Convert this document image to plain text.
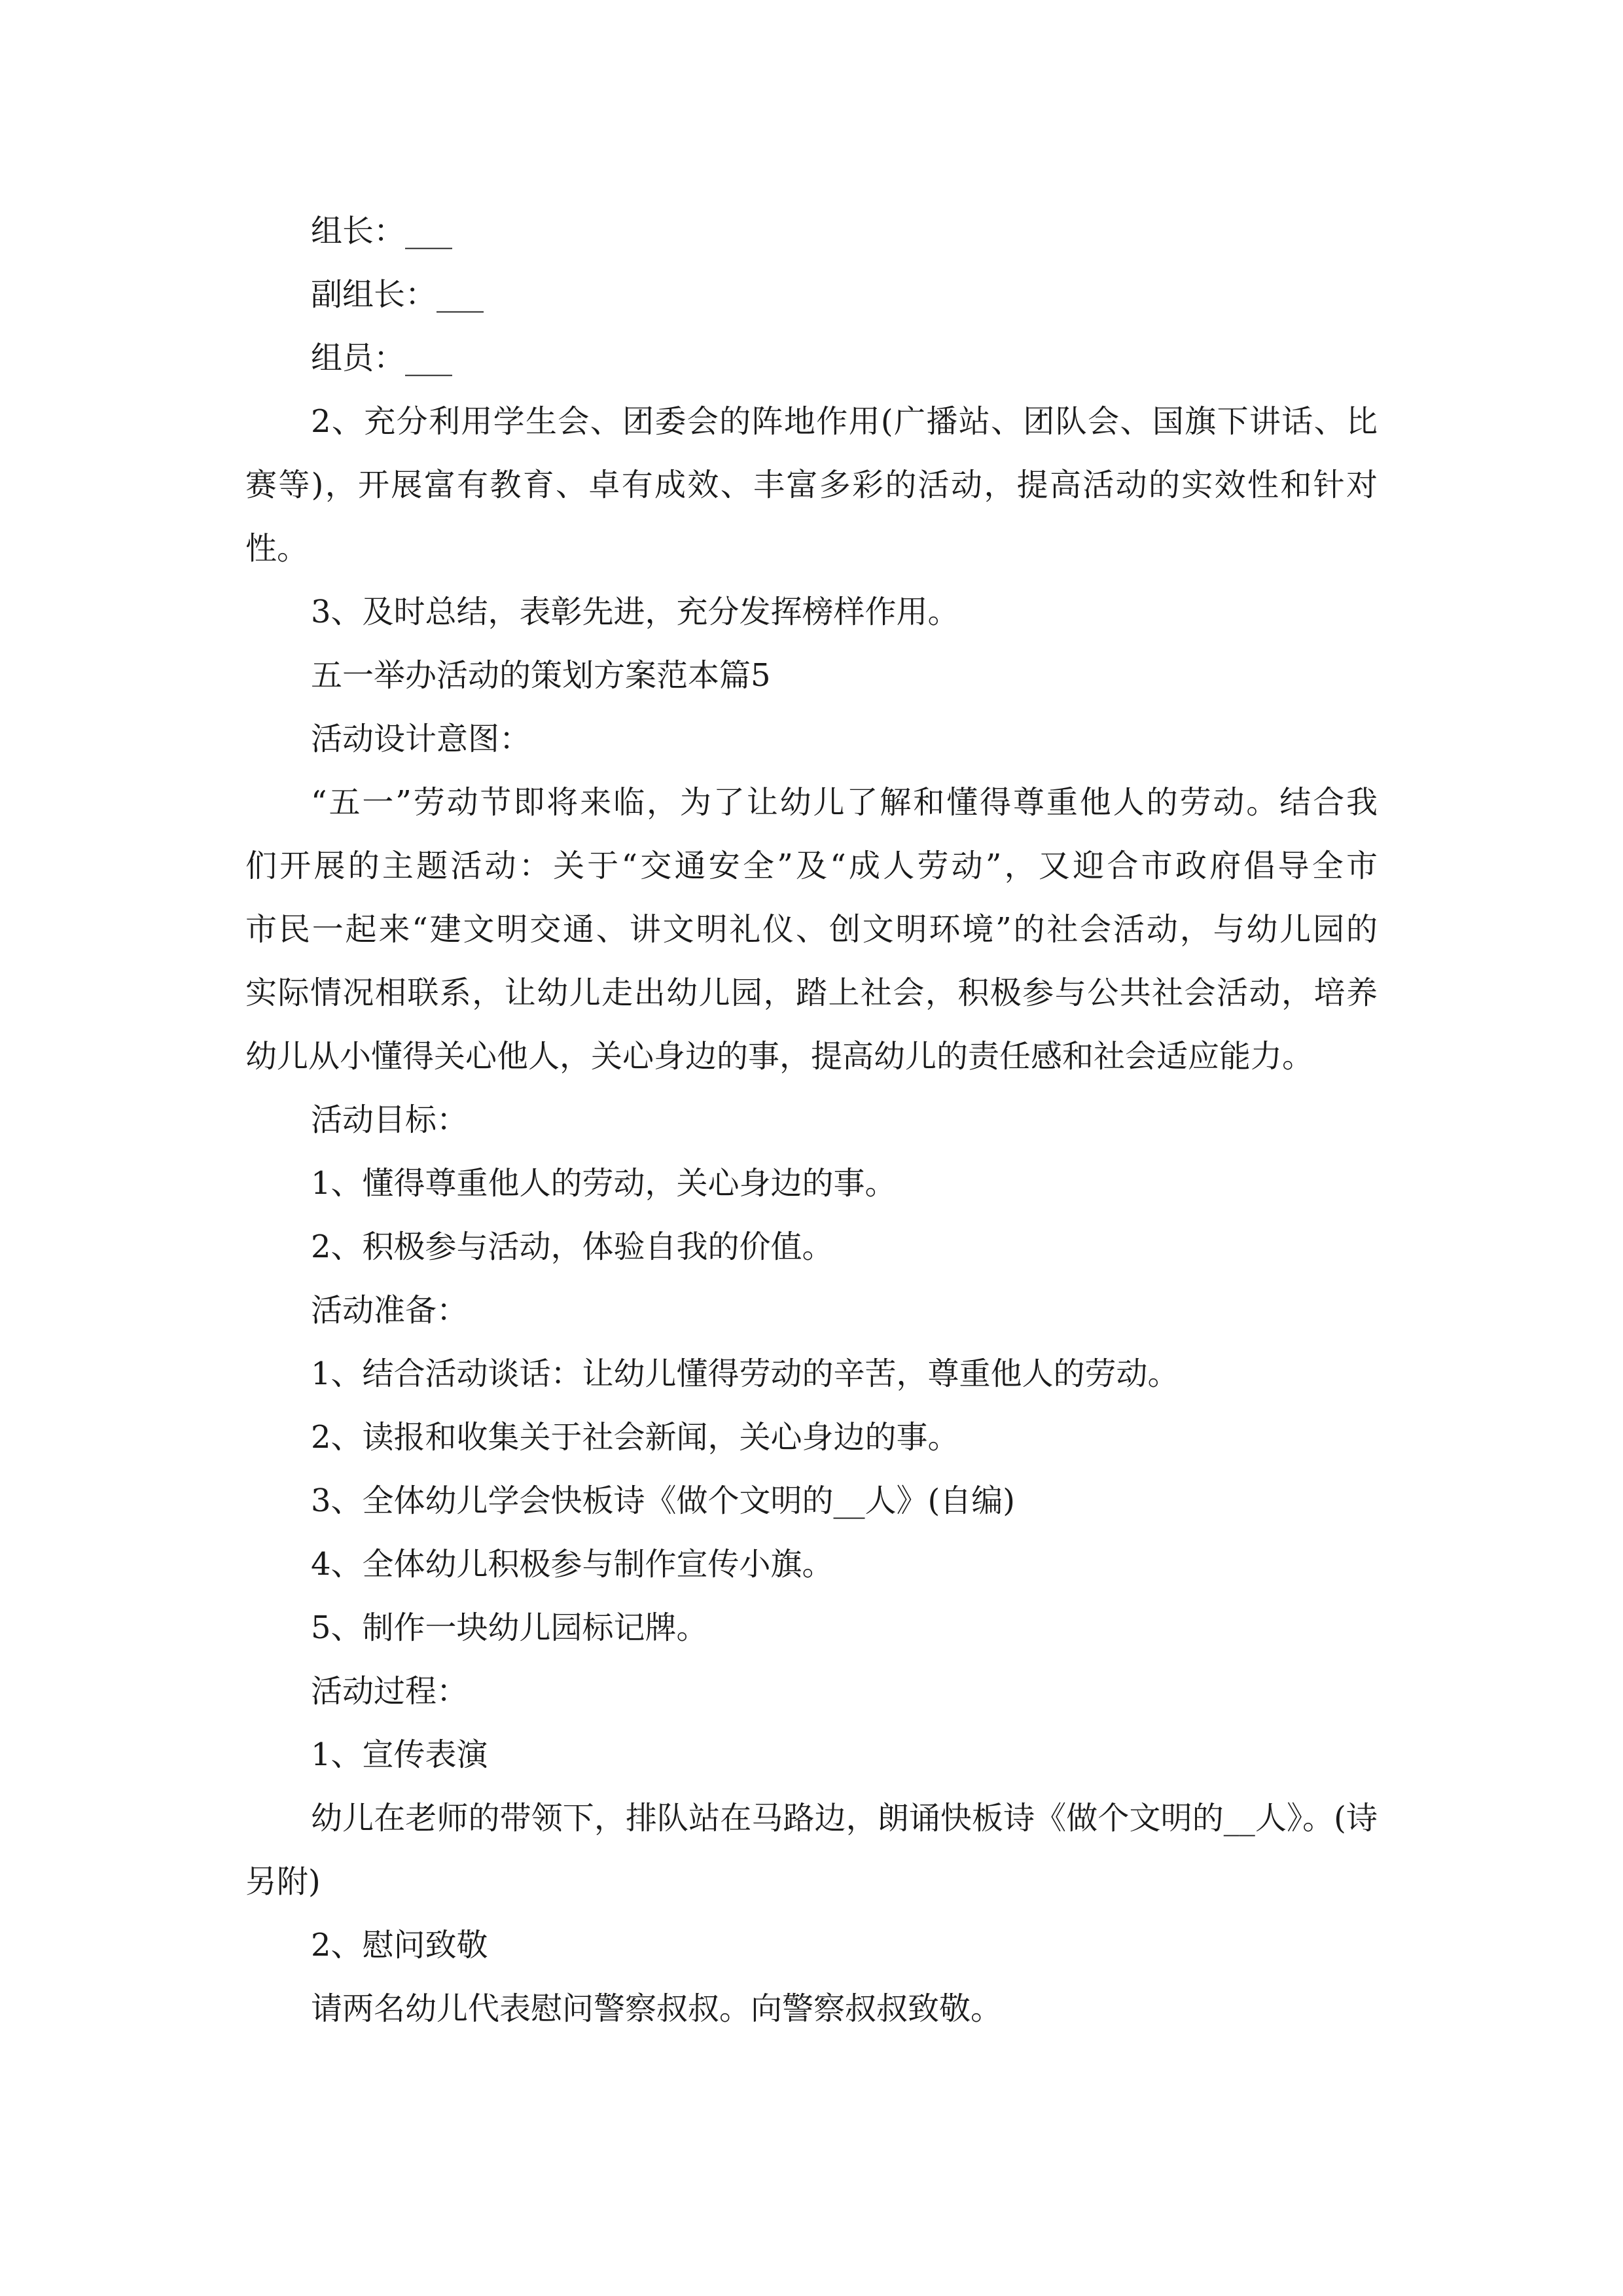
组长：___
副组长：___
组员：___
2、充分利用学生会、团委会的阵地作用(广播站、团队会、国旗下讲话、比
赛等)，开展富有教育、卓有成效、丰富多彩的活动，提高活动的实效性和针对
性。
3、及时总结，表彰先进，充分发挥榜样作用。
五一举办活动的策划方案范本篇5
活动设计意图：
“五一”劳动节即将来临，为了让幼儿了解和懂得尊重他人的劳动。结合我
们开展的主题活动：关于“交通安全”及“成人劳动”，又迎合市政府倡导全市
市民一起来“建文明交通、讲文明礼仪、创文明环境”的社会活动，与幼儿园的
实际情况相联系，让幼儿走出幼儿园，踏上社会，积极参与公共社会活动，培养
幼儿从小懂得关心他人，关心身边的事，提高幼儿的责任感和社会适应能力。
活动目标：
1、懂得尊重他人的劳动，关心身边的事。
2、积极参与活动，体验自我的价值。
活动准备：
1、结合活动谈话：让幼儿懂得劳动的辛苦，尊重他人的劳动。
2、读报和收集关于社会新闻，关心身边的事。
3、全体幼儿学会快板诗《做个文明的__人》(自编)
4、全体幼儿积极参与制作宣传小旗。
5、制作一块幼儿园标记牌。
活动过程：
1、宣传表演
幼儿在老师的带领下，排队站在马路边，朗诵快板诗《做个文明的__人》。(诗
另附)
2、慰问致敬
请两名幼儿代表慰问警察叔叔。向警察叔叔致敬。
